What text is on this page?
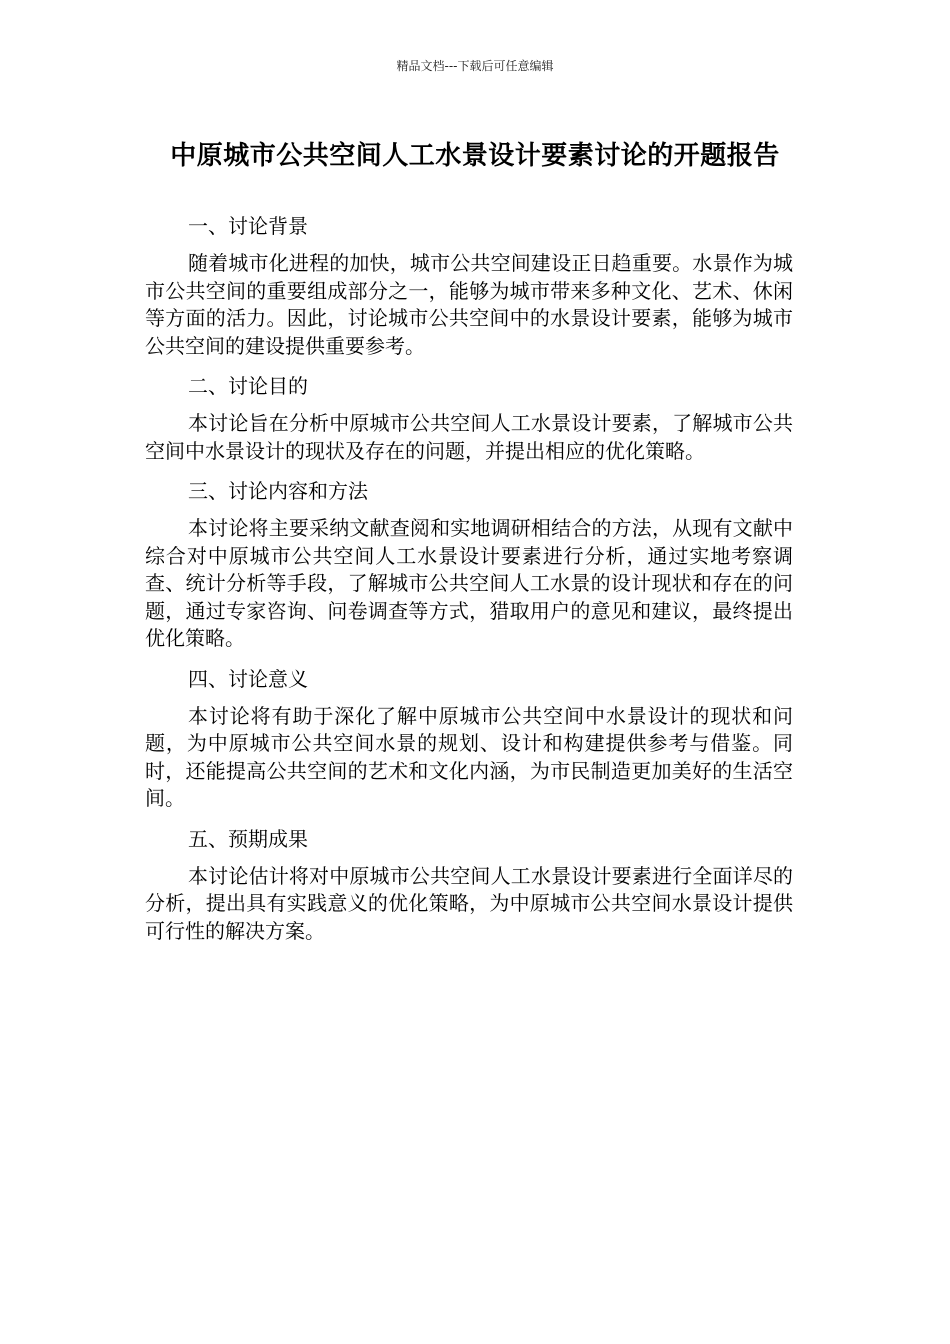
精品文档---下载后可任意编辑
中原城市公共空间人工水景设计要素讨论的开题报告

一、讨论背景

随着城市化进程的加快，城市公共空间建设正日趋重要。水景作为城市公共空间的重要组成部分之一，能够为城市带来多种文化、艺术、休闲等方面的活力。因此，讨论城市公共空间中的水景设计要素，能够为城市公共空间的建设提供重要参考。

二、讨论目的

本讨论旨在分析中原城市公共空间人工水景设计要素，了解城市公共空间中水景设计的现状及存在的问题，并提出相应的优化策略。

三、讨论内容和方法

本讨论将主要采纳文献查阅和实地调研相结合的方法，从现有文献中综合对中原城市公共空间人工水景设计要素进行分析，通过实地考察调查、统计分析等手段，了解城市公共空间人工水景的设计现状和存在的问题，通过专家咨询、问卷调查等方式，猎取用户的意见和建议，最终提出优化策略。

四、讨论意义

本讨论将有助于深化了解中原城市公共空间中水景设计的现状和问题，为中原城市公共空间水景的规划、设计和构建提供参考与借鉴。同时，还能提高公共空间的艺术和文化内涵，为市民制造更加美好的生活空间。

五、预期成果

本讨论估计将对中原城市公共空间人工水景设计要素进行全面详尽的分析，提出具有实践意义的优化策略，为中原城市公共空间水景设计提供可行性的解决方案。
